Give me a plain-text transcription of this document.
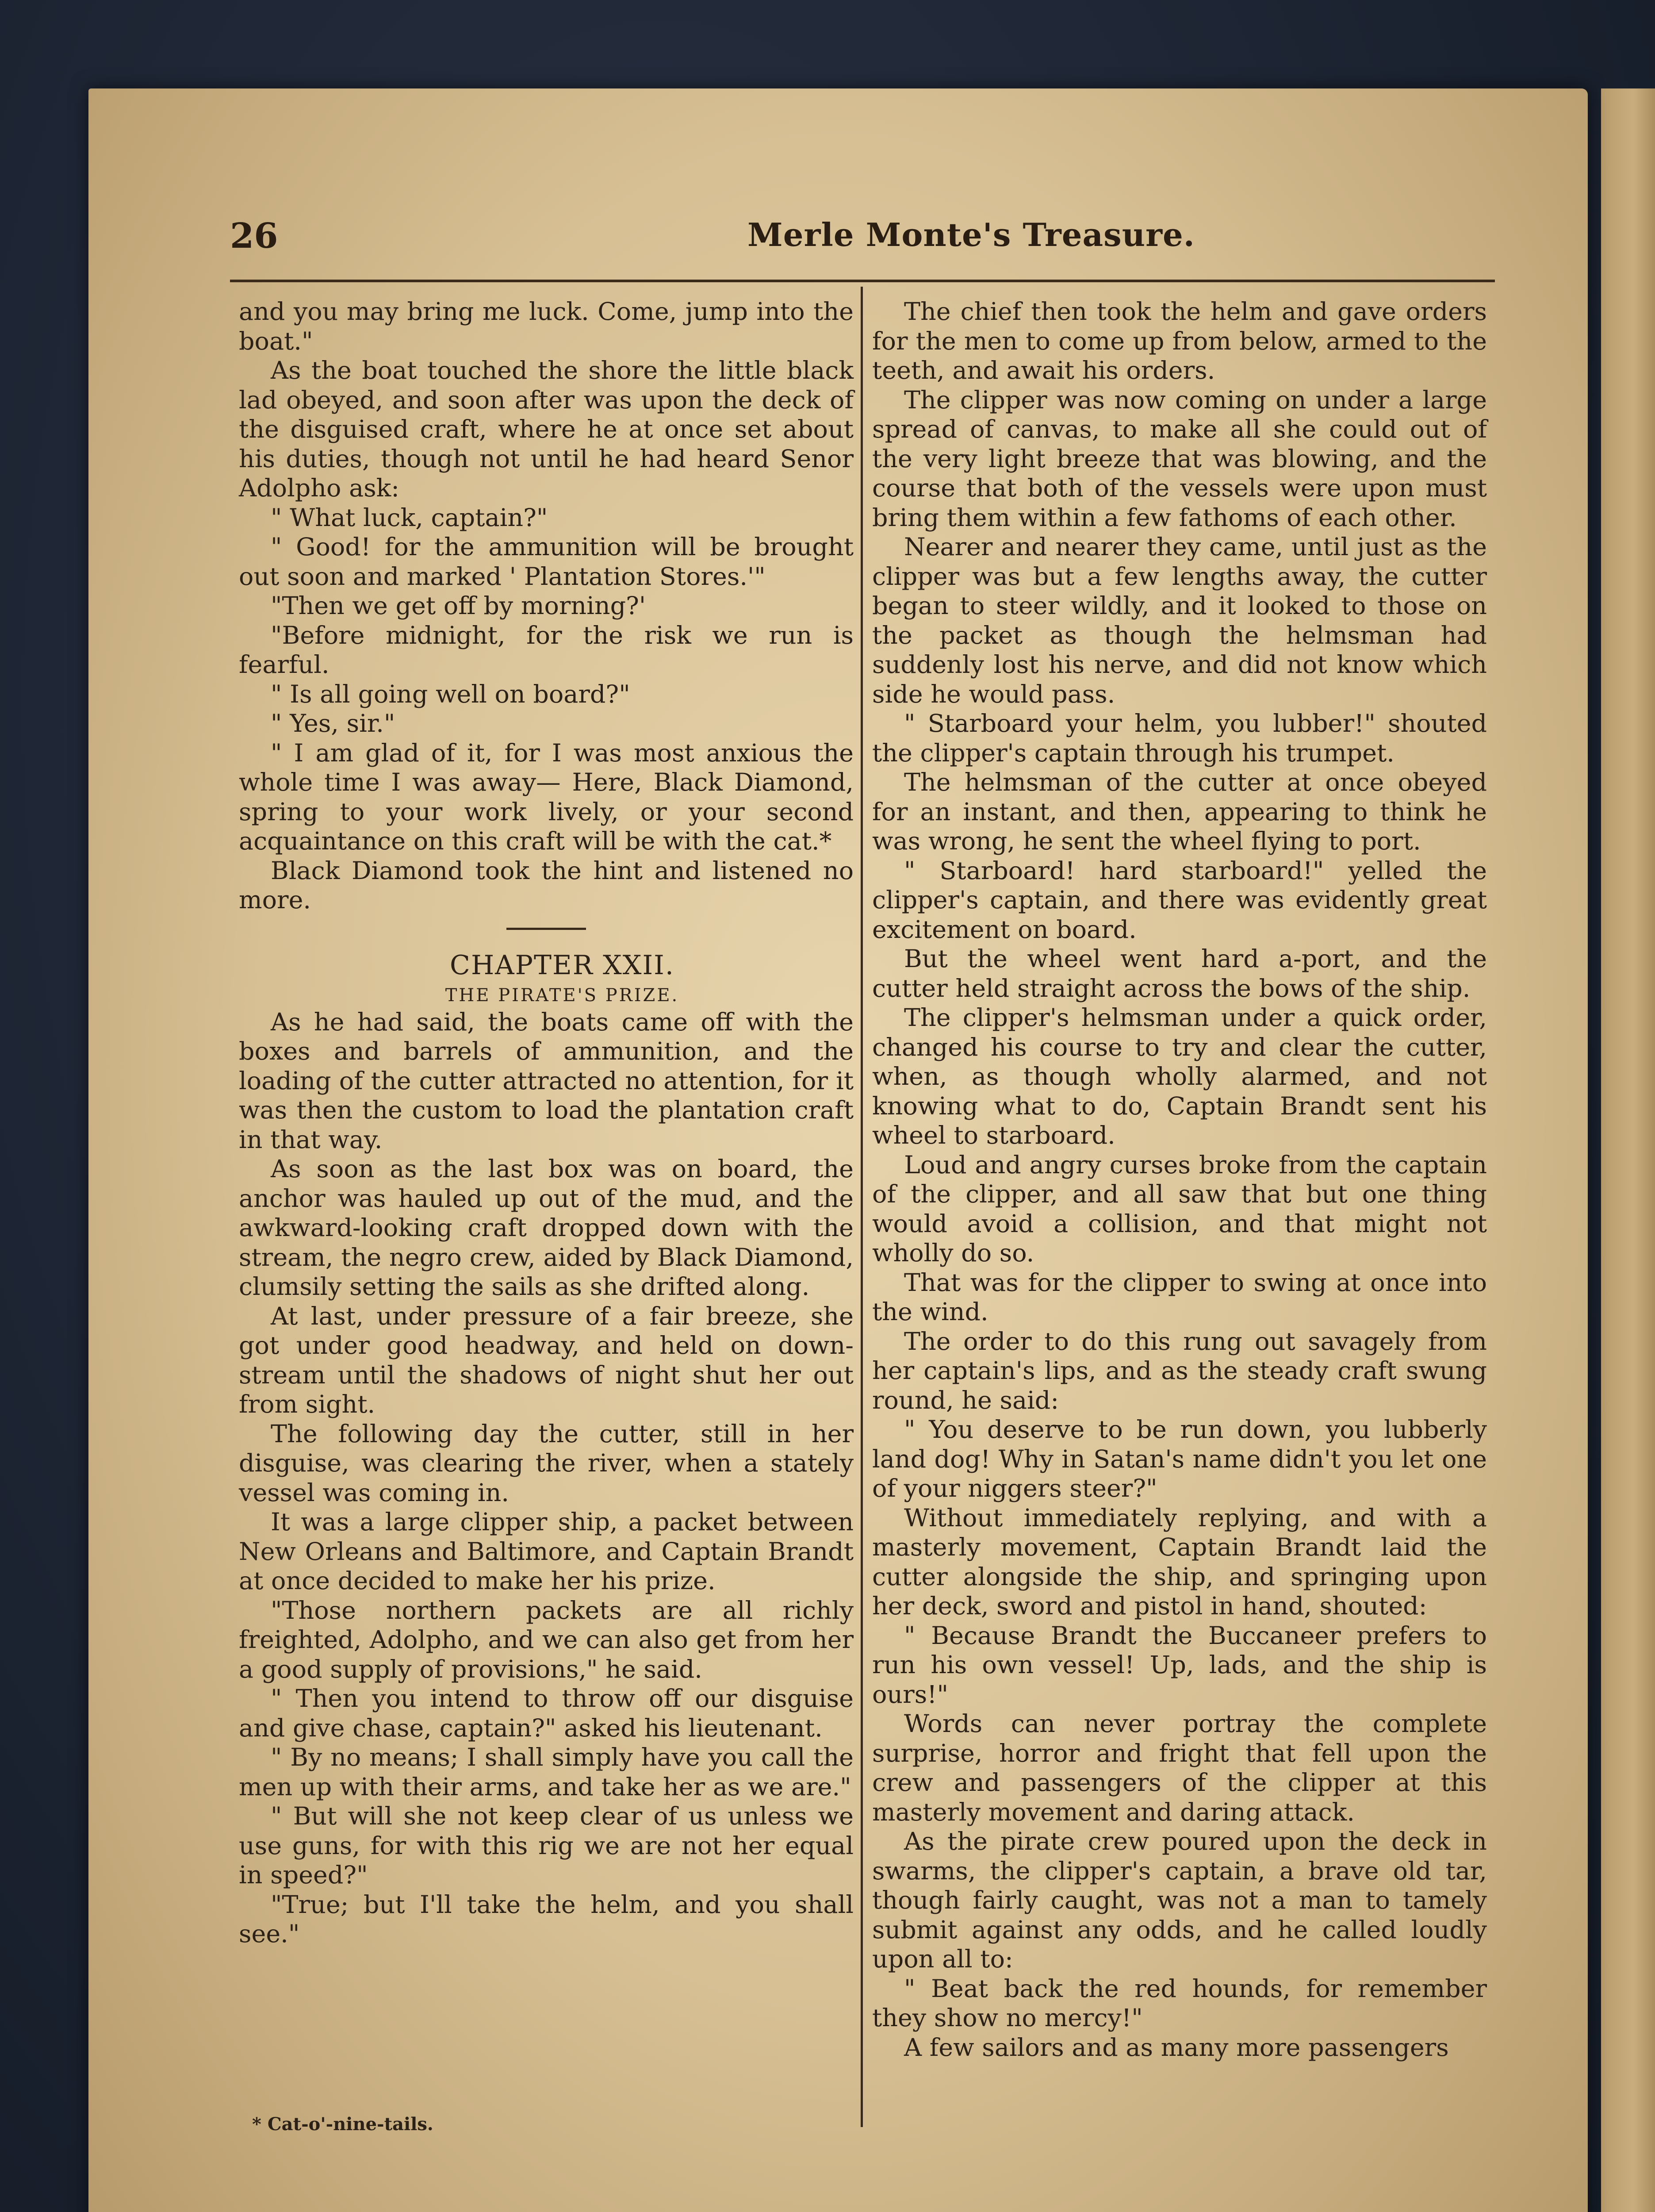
26	Merle Monte's Treasure.

and you may bring me luck. Come, jump into the boat."

As the boat touched the shore the little black lad obeyed, and soon after was upon the deck of the disguised craft, where he at once set about his duties, though not until he had heard Senor Adolpho ask:

" What luck, captain?"

" Good! for the ammunition will be brought out soon and marked ' Plantation Stores.'"

"Then we get off by morning?'

"Before midnight, for the risk we run is fearful.

" Is all going well on board?"

" Yes, sir."

" I am glad of it, for I was most anxious the whole time I was away— Here, Black Diamond, spring to your work lively, or your second acquaintance on this craft will be with the cat.*

Black Diamond took the hint and listened no more.

CHAPTER XXII.

THE PIRATE'S PRIZE.

As he had said, the boats came off with the boxes and barrels of ammunition, and the loading of the cutter attracted no attention, for it was then the custom to load the plantation craft in that way.

As soon as the last box was on board, the anchor was hauled up out of the mud, and the awkward-looking craft dropped down with the stream, the negro crew, aided by Black Diamond, clumsily setting the sails as she drifted along.

At last, under pressure of a fair breeze, she got under good headway, and held on down-stream until the shadows of night shut her out from sight.

The following day the cutter, still in her disguise, was clearing the river, when a stately vessel was coming in.

It was a large clipper ship, a packet between New Orleans and Baltimore, and Captain Brandt at once decided to make her his prize.

"Those northern packets are all richly freighted, Adolpho, and we can also get from her a good supply of provisions," he said.

" Then you intend to throw off our disguise and give chase, captain?" asked his lieutenant.

" By no means; I shall simply have you call the men up with their arms, and take her as we are."

" But will she not keep clear of us unless we use guns, for with this rig we are not her equal in speed?"

"True; but I'll take the helm, and you shall see."

* Cat-o'-nine-tails.

The chief then took the helm and gave orders for the men to come up from below, armed to the teeth, and await his orders.

The clipper was now coming on under a large spread of canvas, to make all she could out of the very light breeze that was blowing, and the course that both of the vessels were upon must bring them within a few fathoms of each other.

Nearer and nearer they came, until just as the clipper was but a few lengths away, the cutter began to steer wildly, and it looked to those on the packet as though the helmsman had suddenly lost his nerve, and did not know which side he would pass.

" Starboard your helm, you lubber!" shouted the clipper's captain through his trumpet.

The helmsman of the cutter at once obeyed for an instant, and then, appearing to think he was wrong, he sent the wheel flying to port.

" Starboard! hard starboard!" yelled the clipper's captain, and there was evidently great excitement on board.

But the wheel went hard a-port, and the cutter held straight across the bows of the ship.

The clipper's helmsman under a quick order, changed his course to try and clear the cutter, when, as though wholly alarmed, and not knowing what to do, Captain Brandt sent his wheel to starboard.

Loud and angry curses broke from the captain of the clipper, and all saw that but one thing would avoid a collision, and that might not wholly do so.

That was for the clipper to swing at once into the wind.

The order to do this rung out savagely from her captain's lips, and as the steady craft swung round, he said:

" You deserve to be run down, you lubberly land dog! Why in Satan's name didn't you let one of your niggers steer?"

Without immediately replying, and with a masterly movement, Captain Brandt laid the cutter alongside the ship, and springing upon her deck, sword and pistol in hand, shouted:

" Because Brandt the Buccaneer prefers to run his own vessel! Up, lads, and the ship is ours!"

Words can never portray the complete surprise, horror and fright that fell upon the crew and passengers of the clipper at this masterly movement and daring attack.

As the pirate crew poured upon the deck in swarms, the clipper's captain, a brave old tar, though fairly caught, was not a man to tamely submit against any odds, and he called loudly upon all to:

" Beat back the red hounds, for remember they show no mercy!"

A few sailors and as many more passengers
